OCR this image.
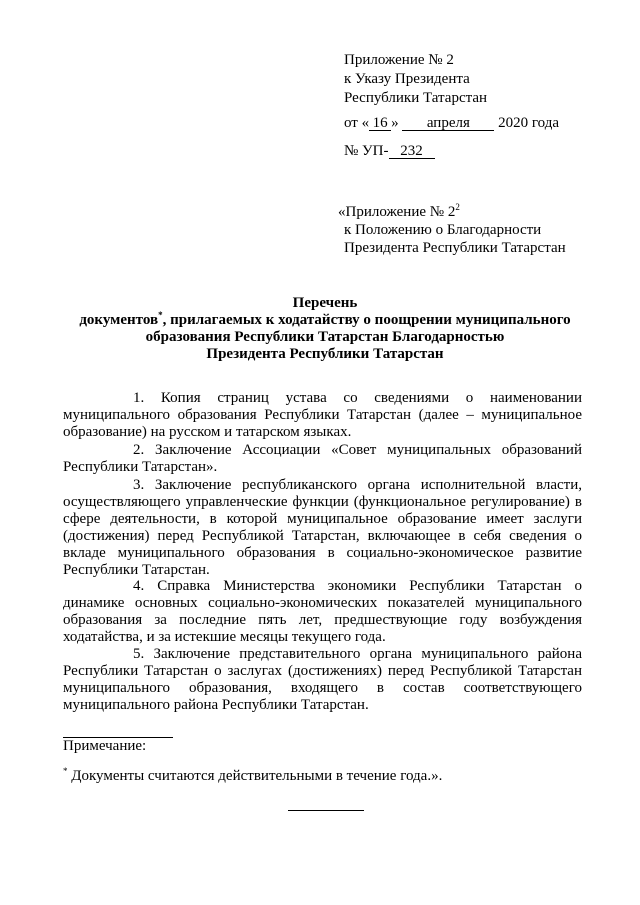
Приложение № 2
к Указу Президента
Республики Татарстан
от « 16 » апреля 2020 года
№ УП- 232
«Приложение № $2^2$
к Положению о Благодарности
Президента Республики Татарстан
Перечень
документов*, прилагаемых к ходатайству о поощрении муниципального
образования Республики Татарстан Благодарностью
Президента Республики Татарстан
1. Копия страниц устава со сведениями о наименовании муниципального образования Республики Татарстан (далее – муниципальное образование) на русском и татарском языках.
2. Заключение Ассоциации «Совет муниципальных образований Республики Татарстан».
3. Заключение республиканского органа исполнительной власти, осуществляющего управленческие функции (функциональное регулирование) в сфере деятельности, в которой муниципальное образование имеет заслуги (достижения) перед Республикой Татарстан, включающее в себя сведения о вкладе муниципального образования в социально-экономическое развитие Республики Татарстан.
4. Справка Министерства экономики Республики Татарстан о динамике основных социально-экономических показателей муниципального образования за последние пять лет, предшествующие году возбуждения ходатайства, и за истекшие месяцы текущего года.
5. Заключение представительного органа муниципального района Республики Татарстан о заслугах (достижениях) перед Республикой Татарстан муниципального образования, входящего в состав соответствующего муниципального района Республики Татарстан.
Примечание:
* Документы считаются действительными в течение года.».
